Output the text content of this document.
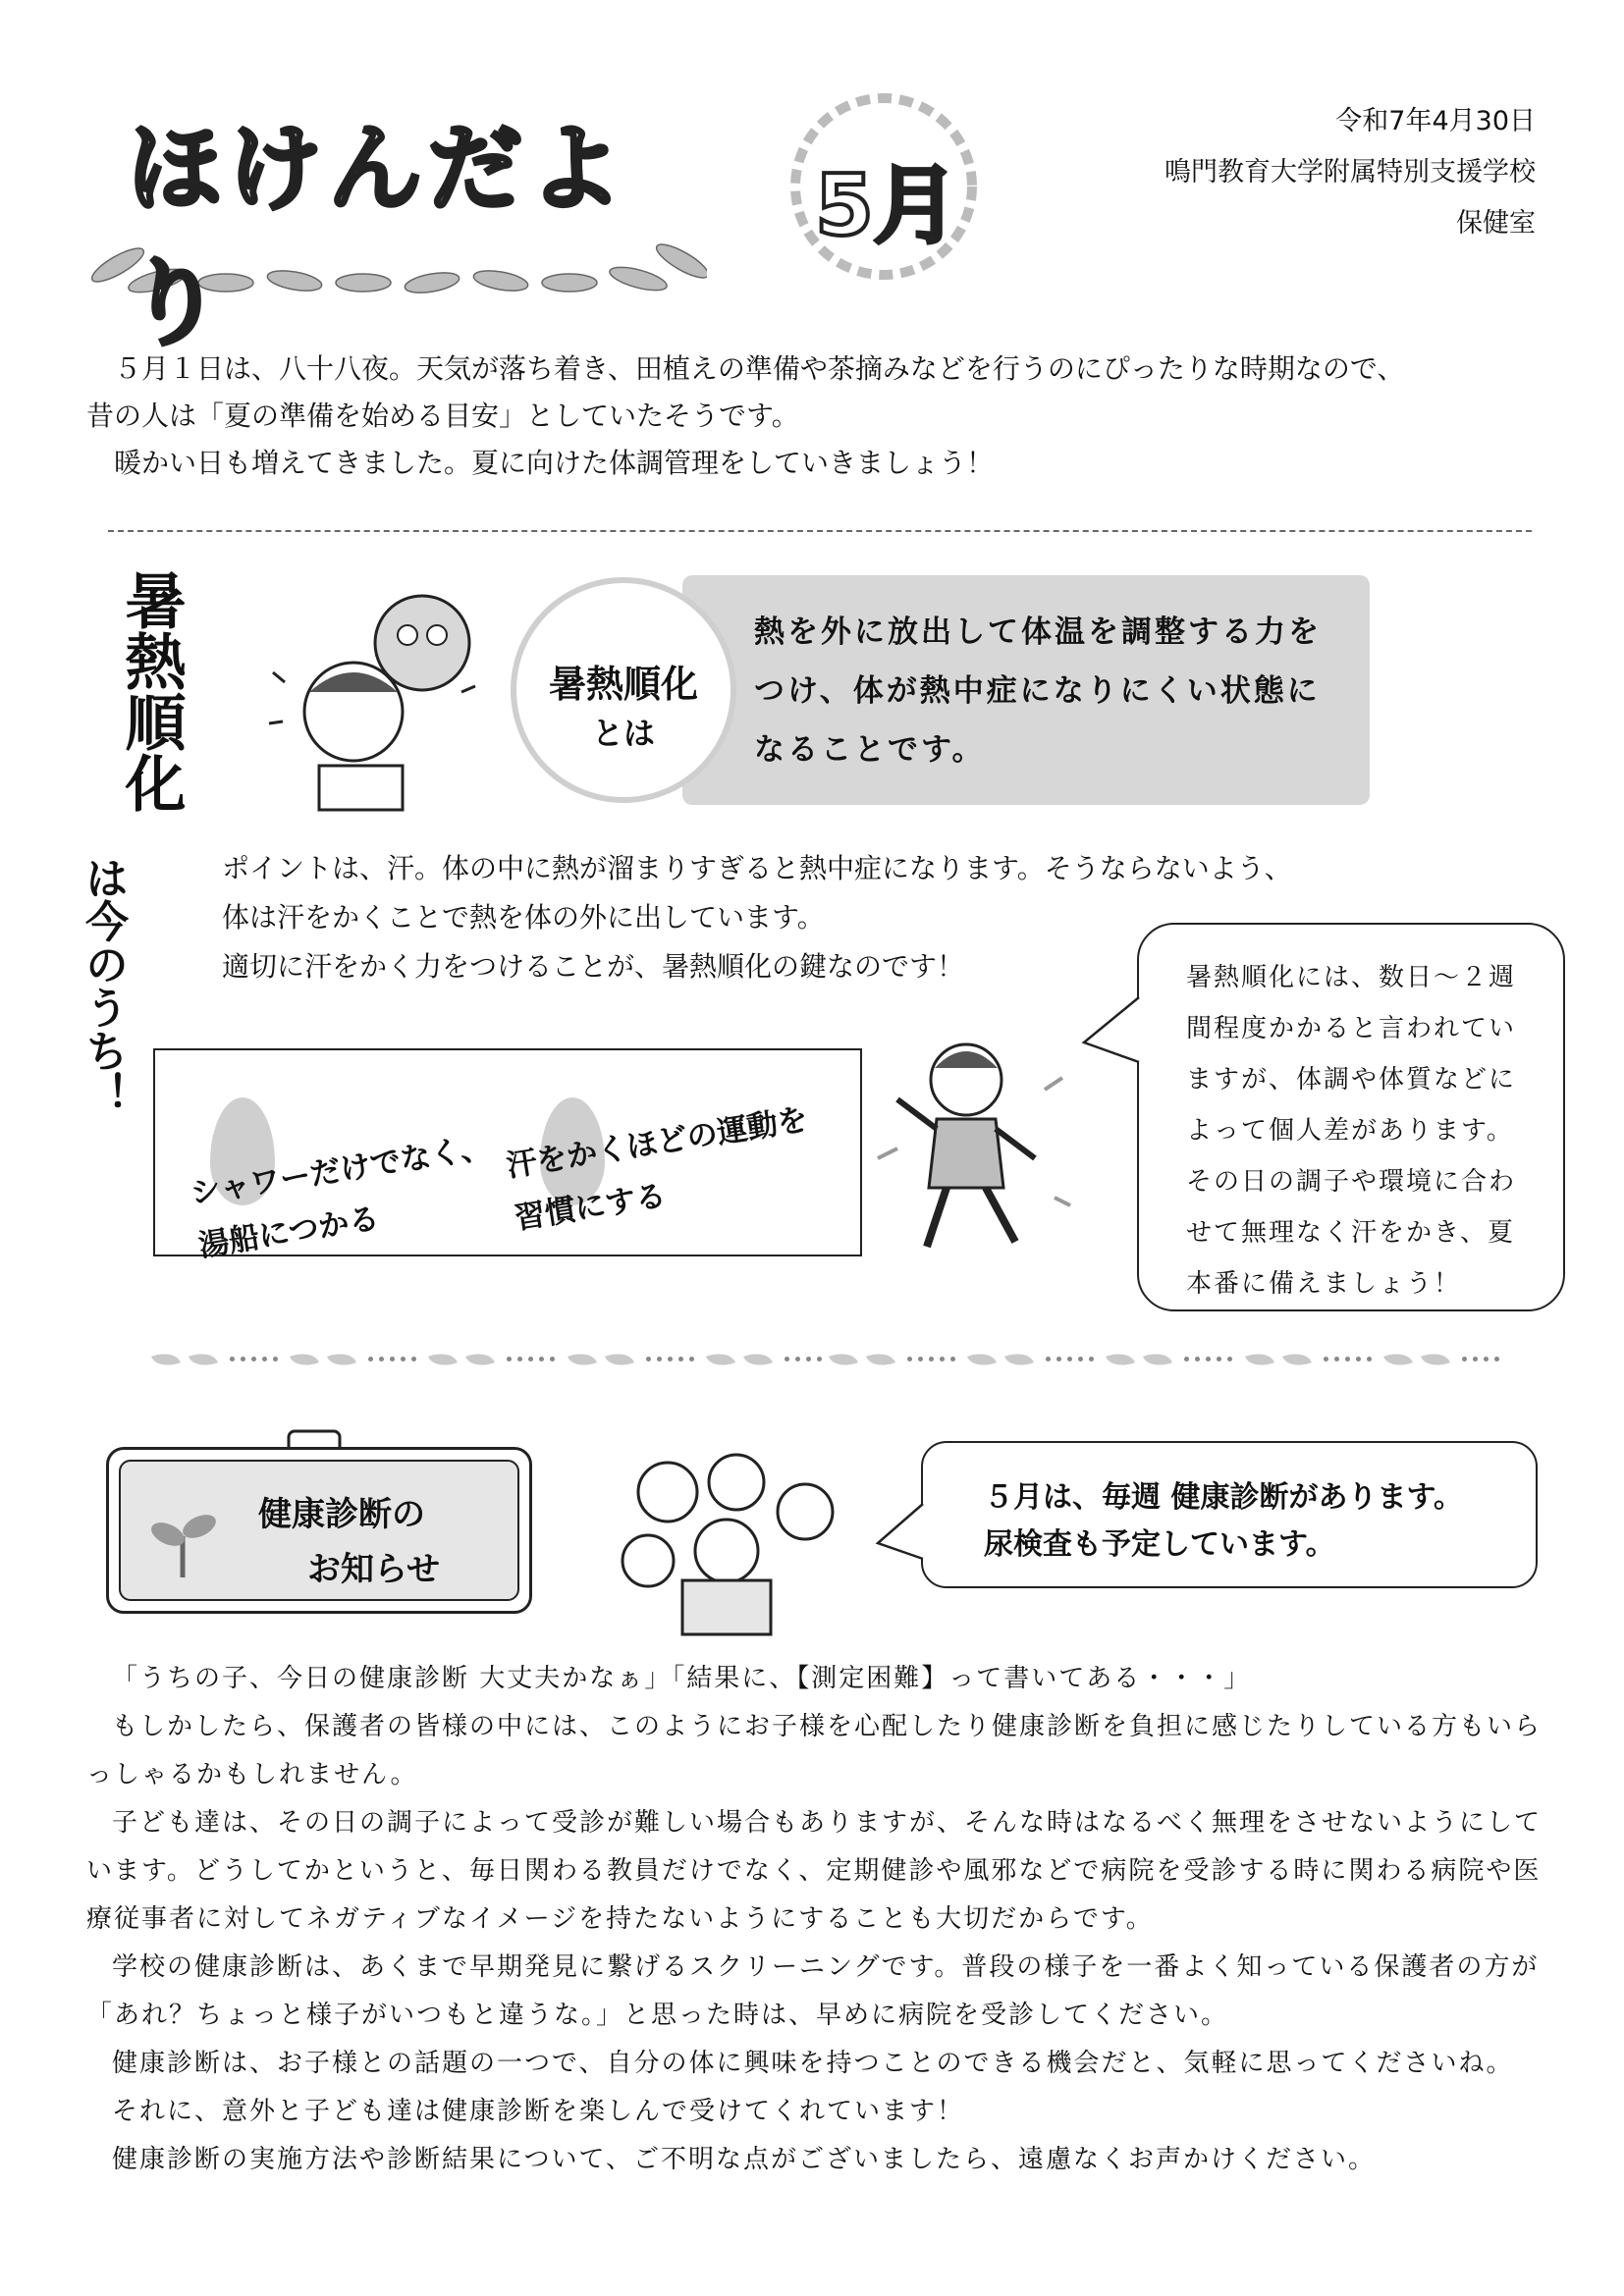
ほけんだより
5月
令和7年4月30日
鳴門教育大学附属特別支援学校
保健室

５月１日は、八十八夜。天気が落ち着き、田植えの準備や茶摘みなどを行うのにぴったりな時期なので、

昔の人は「夏の準備を始める目安」としていたそうです。

暖かい日も増えてきました。夏に向けた体調管理をしていきましょう！

暑熱順化
は今のうち！
暑熱順化
とは
熱を外に放出して体温を調整する力を
つけ、体が熱中症になりにくい状態に
なることです。

ポイントは、汗。体の中に熱が溜まりすぎると熱中症になります。そうならないよう、

体は汗をかくことで熱を体の外に出しています。

適切に汗をかく力をつけることが、暑熱順化の鍵なのです！

シャワーだけでなく、
湯船につかる
汗をかくほどの運動を
習慣にする
暑熱順化には、数日〜２週
間程度かかると言われてい
ますが、体調や体質などに
よって個人差があります。
その日の調子や環境に合わ
せて無理なく汗をかき、夏
本番に備えましょう！

健康診断の
お知らせ
５月は、毎週 健康診断があります。
尿検査も予定しています。

「うちの子、今日の健康診断 大丈夫かなぁ」「結果に、【測定困難】って書いてある・・・」

もしかしたら、保護者の皆様の中には、このようにお子様を心配したり健康診断を負担に感じたりしている方もいらっしゃるかもしれません。

子ども達は、その日の調子によって受診が難しい場合もありますが、そんな時はなるべく無理をさせないようにしています。どうしてかというと、毎日関わる教員だけでなく、定期健診や風邪などで病院を受診する時に関わる病院や医療従事者に対してネガティブなイメージを持たないようにすることも大切だからです。

学校の健康診断は、あくまで早期発見に繋げるスクリーニングです。普段の様子を一番よく知っている保護者の方が「あれ？ちょっと様子がいつもと違うな。」と思った時は、早めに病院を受診してください。

健康診断は、お子様との話題の一つで、自分の体に興味を持つことのできる機会だと、気軽に思ってくださいね。

それに、意外と子ども達は健康診断を楽しんで受けてくれています！

健康診断の実施方法や診断結果について、ご不明な点がございましたら、遠慮なくお声かけください。
